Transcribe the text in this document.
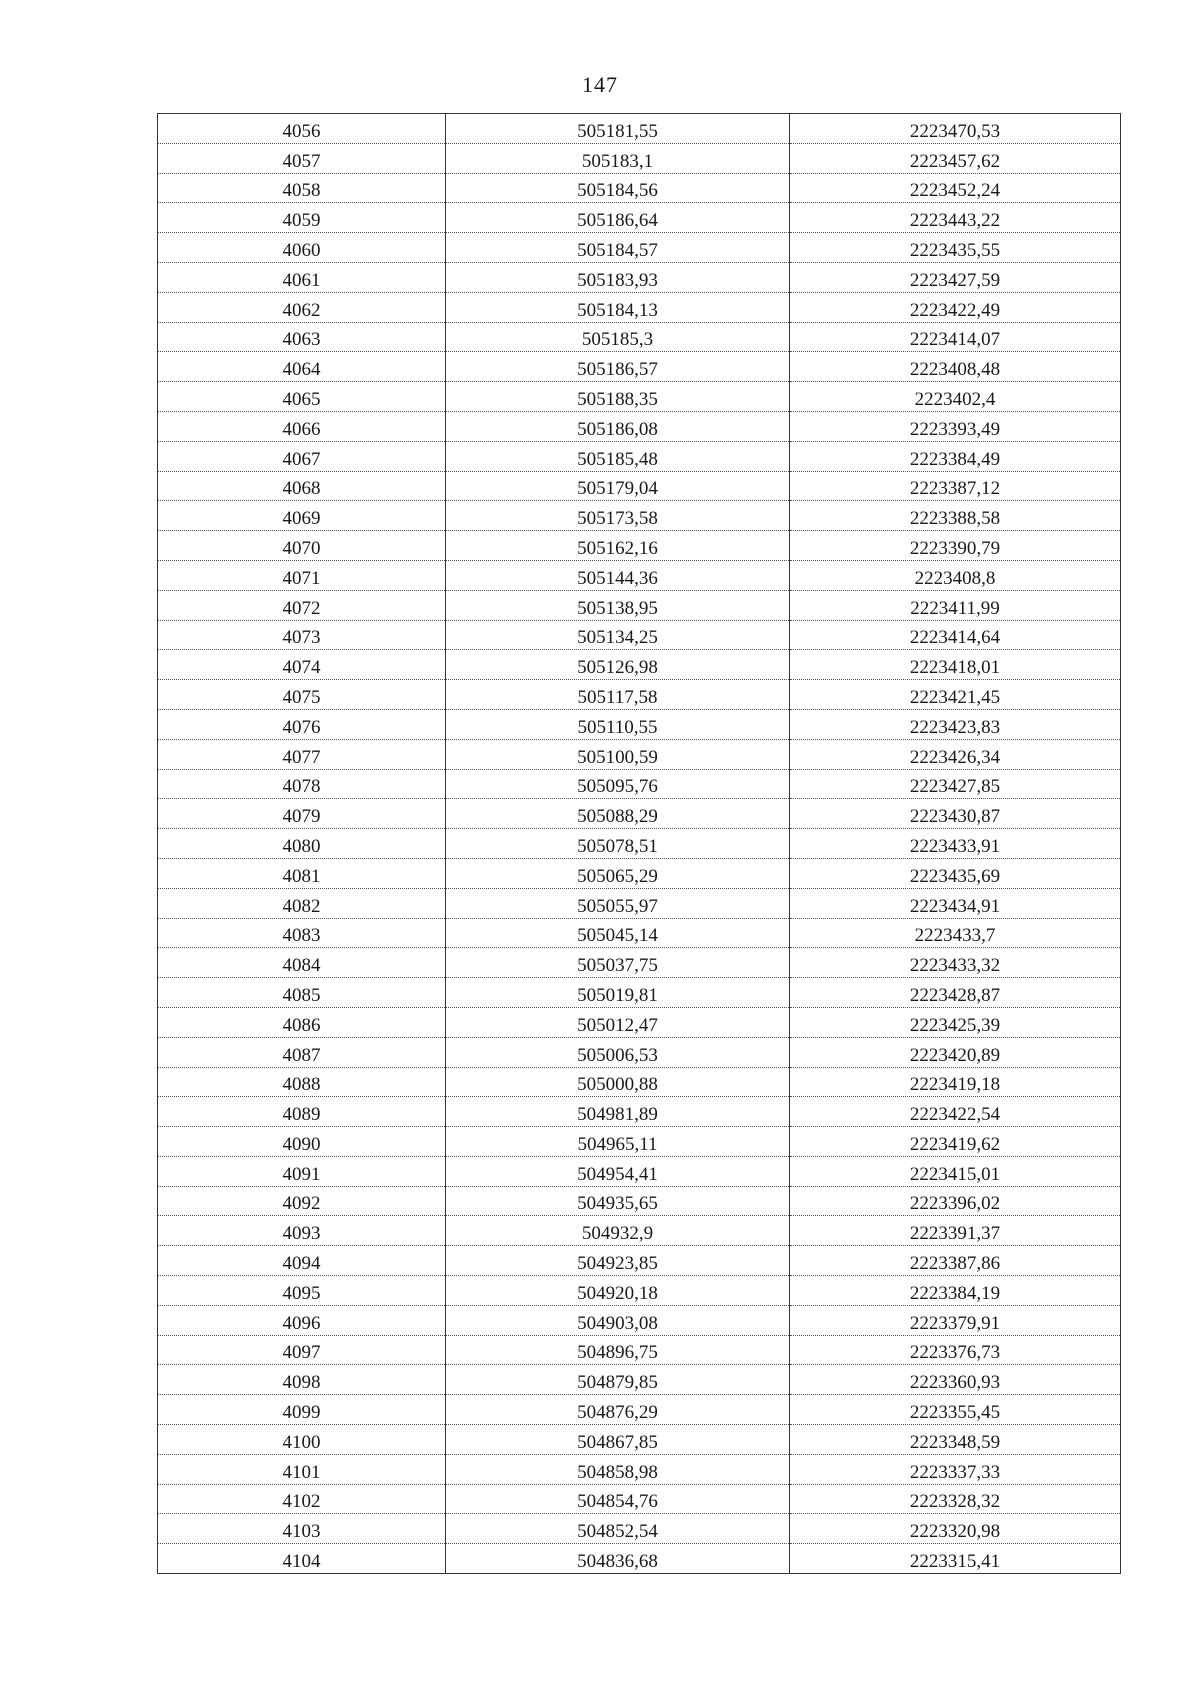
147
4056	505181,55	2223470,53
4057	505183,1	2223457,62
4058	505184,56	2223452,24
4059	505186,64	2223443,22
4060	505184,57	2223435,55
4061	505183,93	2223427,59
4062	505184,13	2223422,49
4063	505185,3	2223414,07
4064	505186,57	2223408,48
4065	505188,35	2223402,4
4066	505186,08	2223393,49
4067	505185,48	2223384,49
4068	505179,04	2223387,12
4069	505173,58	2223388,58
4070	505162,16	2223390,79
4071	505144,36	2223408,8
4072	505138,95	2223411,99
4073	505134,25	2223414,64
4074	505126,98	2223418,01
4075	505117,58	2223421,45
4076	505110,55	2223423,83
4077	505100,59	2223426,34
4078	505095,76	2223427,85
4079	505088,29	2223430,87
4080	505078,51	2223433,91
4081	505065,29	2223435,69
4082	505055,97	2223434,91
4083	505045,14	2223433,7
4084	505037,75	2223433,32
4085	505019,81	2223428,87
4086	505012,47	2223425,39
4087	505006,53	2223420,89
4088	505000,88	2223419,18
4089	504981,89	2223422,54
4090	504965,11	2223419,62
4091	504954,41	2223415,01
4092	504935,65	2223396,02
4093	504932,9	2223391,37
4094	504923,85	2223387,86
4095	504920,18	2223384,19
4096	504903,08	2223379,91
4097	504896,75	2223376,73
4098	504879,85	2223360,93
4099	504876,29	2223355,45
4100	504867,85	2223348,59
4101	504858,98	2223337,33
4102	504854,76	2223328,32
4103	504852,54	2223320,98
4104	504836,68	2223315,41
